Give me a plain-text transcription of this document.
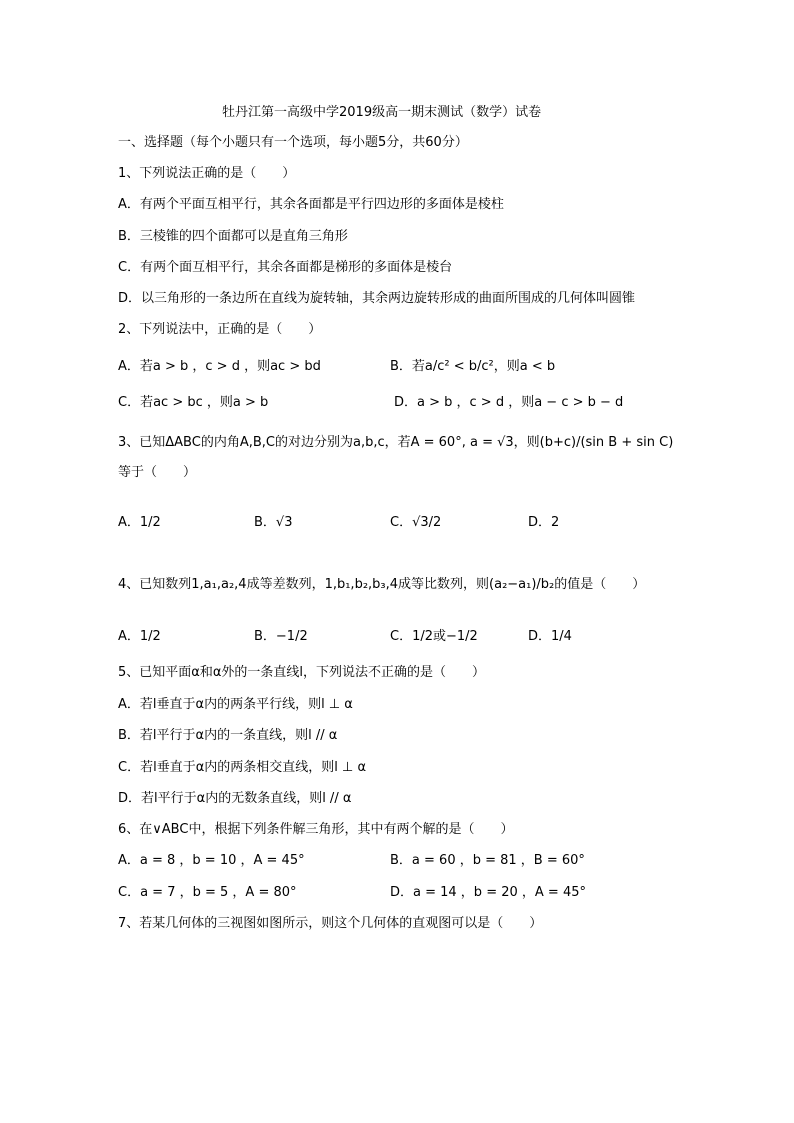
牡丹江第一高级中学2019级高一期末测试（数学）试卷
一、选择题（每个小题只有一个选项，每小题5分，共60分）
1、下列说法正确的是（　　）
A．有两个平面互相平行，其余各面都是平行四边形的多面体是棱柱
B．三棱锥的四个面都可以是直角三角形
C．有两个面互相平行，其余各面都是梯形的多面体是棱台
D．以三角形的一条边所在直线为旋转轴，其余两边旋转形成的曲面所围成的几何体叫圆锥
2、下列说法中，正确的是（　　）
A．若a > b ，c > d ，则ac > bd	B．若a/c² < b/c²，则a < b
C．若ac > bc ，则a > b	D．a > b ，c > d ，则a − c > b − d
3、已知ΔABC的内角A,B,C的对边分别为a,b,c，若A = 60°, a = √3，则(b+c)/(sin B + sin C)等于（　　）
A．1/2	B．√3	C．√3/2	D．2
4、已知数列1,a₁,a₂,4成等差数列，1,b₁,b₂,b₃,4成等比数列，则(a₂−a₁)/b₂的值是（　　）
A．1/2	B．−1/2	C．1/2或−1/2	D．1/4
5、已知平面α和α外的一条直线l，下列说法不正确的是（　　）
A．若l垂直于α内的两条平行线，则l ⊥ α
B．若l平行于α内的一条直线，则l // α
C．若l垂直于α内的两条相交直线，则l ⊥ α
D．若l平行于α内的无数条直线，则l // α
6、在∨ABC中，根据下列条件解三角形，其中有两个解的是（　　）
A．a = 8 ，b = 10 ，A = 45°	B．a = 60 ，b = 81 ，B = 60°
C．a = 7 ，b = 5 ，A = 80°	D．a = 14 ，b = 20 ，A = 45°
7、若某几何体的三视图如图所示，则这个几何体的直观图可以是（　　）
